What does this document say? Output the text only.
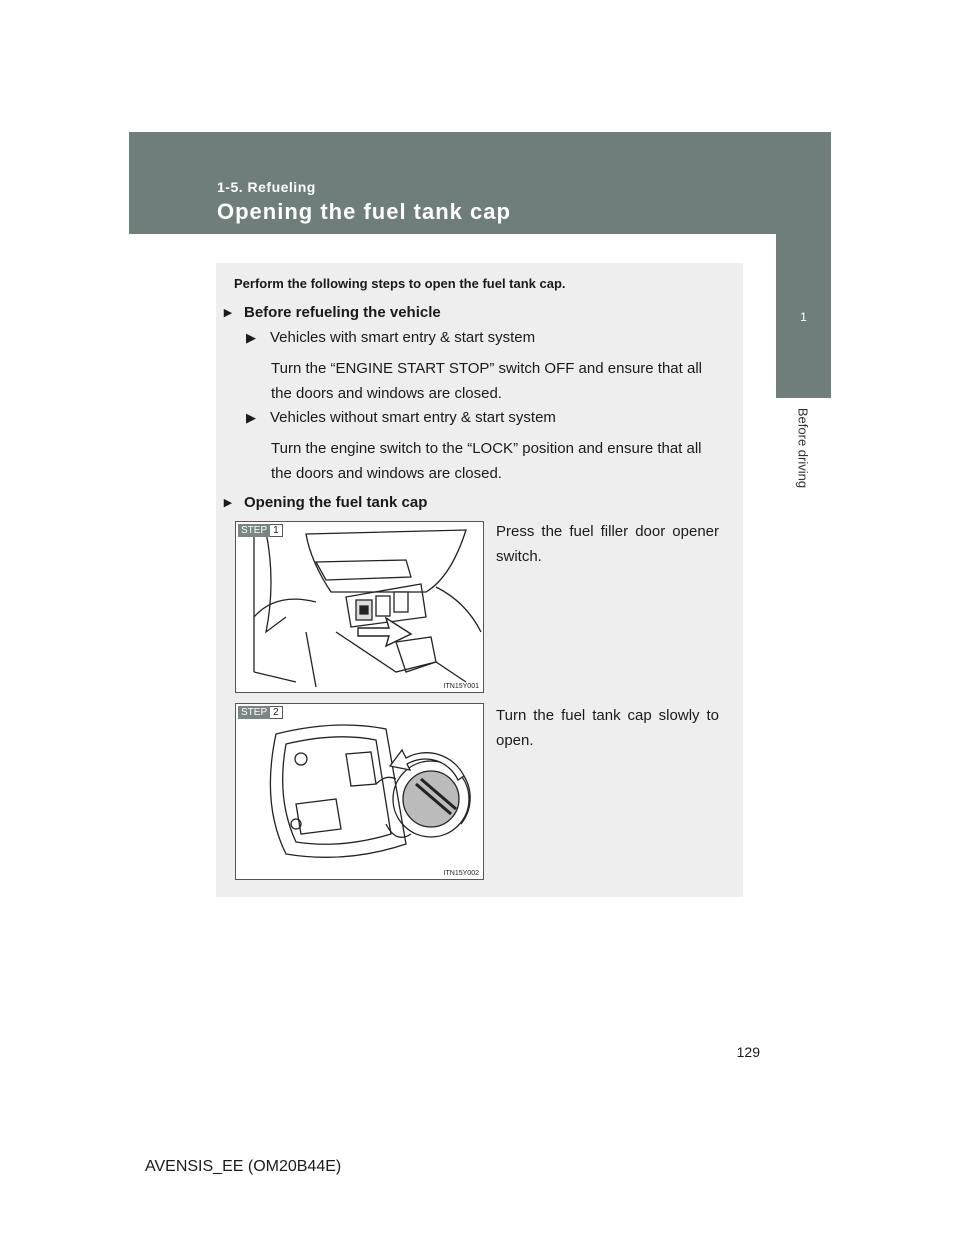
1-5. Refueling
Opening the fuel tank cap
1
Before driving
Perform the following steps to open the fuel tank cap.
▸ Before refueling the vehicle
▶ Vehicles with smart entry & start system
Turn the “ENGINE START STOP” switch OFF and ensure that all the doors and windows are closed.
▶ Vehicles without smart entry & start system
Turn the engine switch to the “LOCK” position and ensure that all the doors and windows are closed.
▸ Opening the fuel tank cap
STEP 1
ITN15Y001
Press the fuel filler door opener switch.
STEP 2
ITN15Y002
Turn the fuel tank cap slowly to open.
129
AVENSIS_EE (OM20B44E)
